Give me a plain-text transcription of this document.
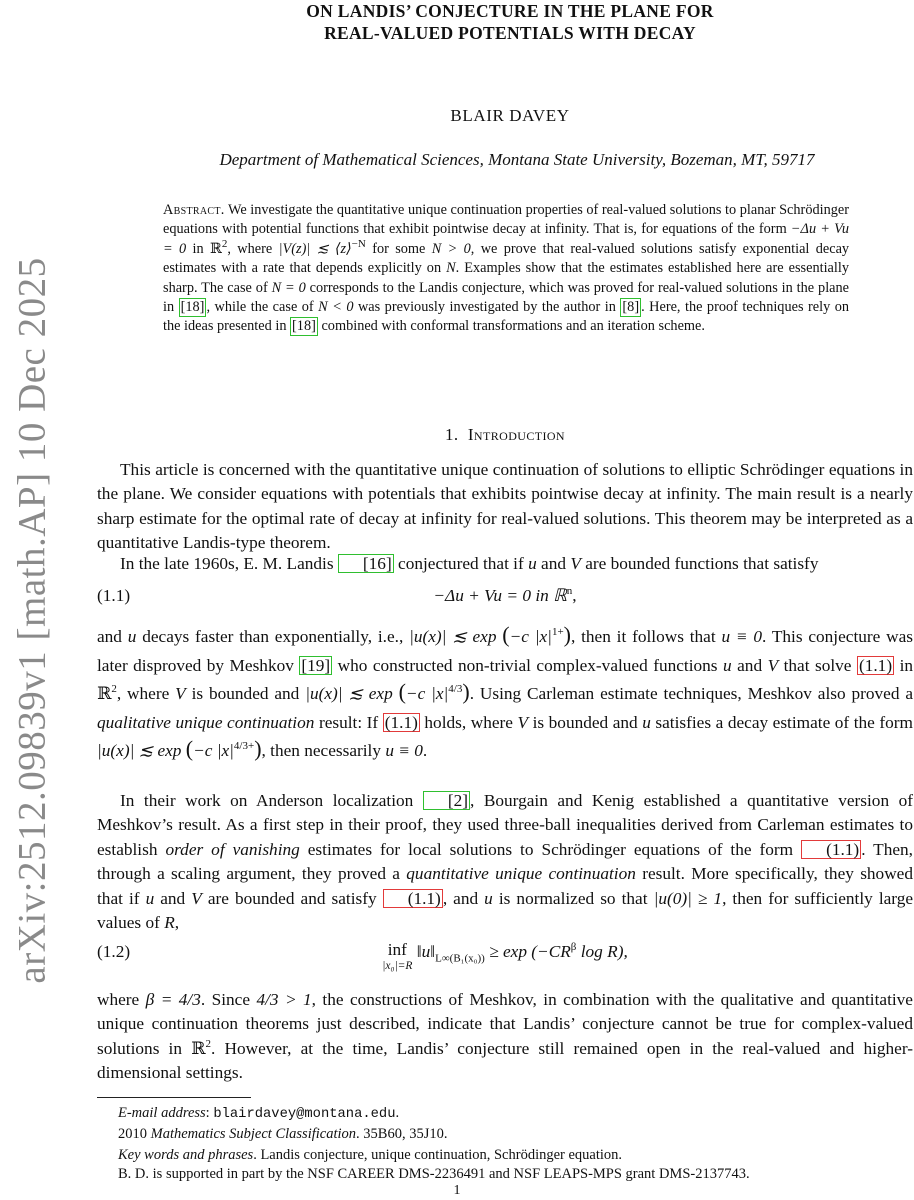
arXiv:2512.09839v1 [math.AP] 10 Dec 2025
ON LANDIS’ CONJECTURE IN THE PLANE FOR
REAL-VALUED POTENTIALS WITH DECAY
BLAIR DAVEY
Department of Mathematical Sciences, Montana State University, Bozeman, MT, 59717
Abstract. We investigate the quantitative unique continuation properties of real-valued solutions to planar Schrödinger equations with potential functions that exhibit pointwise decay at infinity. That is, for equations of the form −Δu + Vu = 0 in ℝ$^2$, where |V(z)| ≲ ⟨z⟩$^{-N}$ for some N > 0, we prove that real-valued solutions satisfy exponential decay estimates with a rate that depends explicitly on N. Examples show that the estimates established here are essentially sharp. The case of N = 0 corresponds to the Landis conjecture, which was proved for real-valued solutions in the plane in [18] , while the case of N < 0 was previously investigated by the author in [8] . Here, the proof techniques rely on the ideas presented in [18] combined with conformal transformations and an iteration scheme.
1. Introduction
This article is concerned with the quantitative unique continuation of solutions to elliptic Schrödinger equations in the plane. We consider equations with potentials that exhibits pointwise decay at infinity. The main result is a nearly sharp estimate for the optimal rate of decay at infinity for real-valued solutions. This theorem may be interpreted as a quantitative Landis-type theorem.
In the late 1960s, E. M. Landis [16] conjectured that if u and V are bounded functions that satisfy
(1.1)	−Δu + Vu = 0 in ℝ$^n$,
and u decays faster than exponentially, i.e., |u(x)| ≲ exp (−c $|x|^{1+}$), then it follows that u ≡ 0. This conjecture was later disproved by Meshkov [19] who constructed non-trivial complex-valued functions u and V that solve (1.1) in ℝ$^2$, where V is bounded and |u(x)| ≲ exp (−c $|x|^{4/3}$). Using Carleman estimate techniques, Meshkov also proved a qualitative unique continuation result: If (1.1) holds, where V is bounded and u satisfies a decay estimate of the form |u(x)| ≲ exp (−c $|x|^{4/3+}$), then necessarily u ≡ 0.
In their work on Anderson localization [2] , Bourgain and Kenig established a quantitative version of Meshkov’s result. As a first step in their proof, they used three-ball inequalities derived from Carleman estimates to establish order of vanishing estimates for local solutions to Schrödinger equations of the form (1.1) . Then, through a scaling argument, they proved a quantitative unique continuation result. More specifically, they showed that if u and V are bounded and satisfy (1.1) , and u is normalized so that |u(0)| ≥ 1, then for sufficiently large values of R,
(1.2)	inf
|x₀|=R
$‖u‖_{L\infty(B_1(x_0))} \ge \exp (-CR^\beta$ log R),
where β = 4/3. Since 4/3 > 1, the constructions of Meshkov, in combination with the qualitative and quantitative unique continuation theorems just described, indicate that Landis’ conjecture cannot be true for complex-valued solutions in ℝ$^2$. However, at the time, Landis’ conjecture still remained open in the real-valued and higher-dimensional settings.
E-mail address: blairdavey@montana.edu.
2010 Mathematics Subject Classification. 35B60, 35J10.
Key words and phrases. Landis conjecture, unique continuation, Schrödinger equation.
B. D. is supported in part by the NSF CAREER DMS-2236491 and NSF LEAPS-MPS grant DMS-2137743.
1
